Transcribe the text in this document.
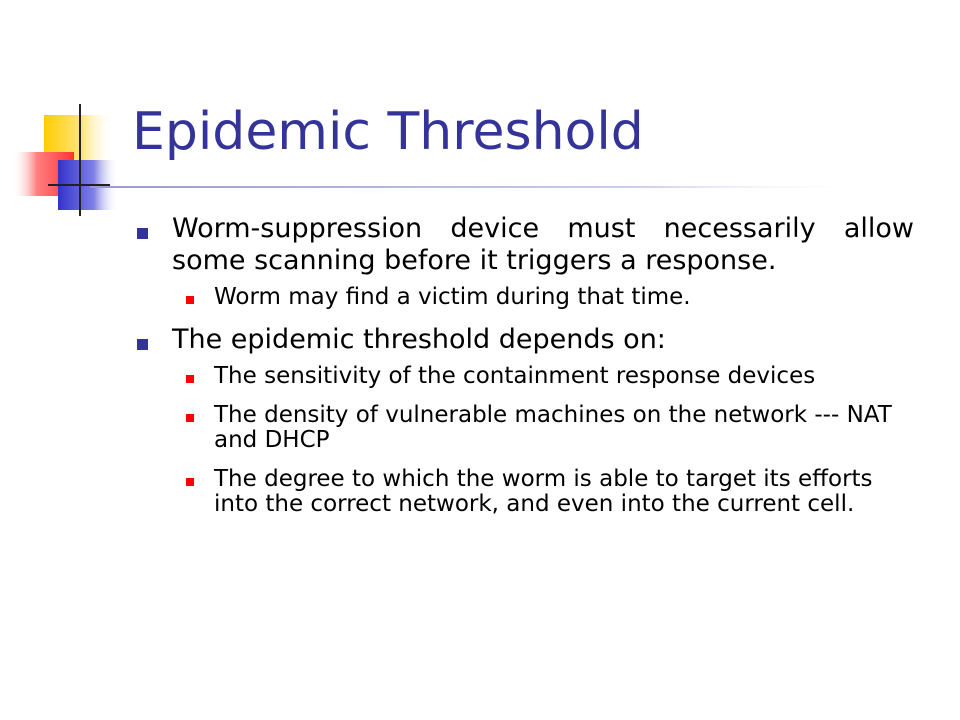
Epidemic Threshold
Worm-suppression device must necessarily allow some scanning before it triggers a response.
Worm may find a victim during that time.
The epidemic threshold depends on:
The sensitivity of the containment response devices
The density of vulnerable machines on the network --- NAT and DHCP
The degree to which the worm is able to target its efforts into the correct network, and even into the current cell.
